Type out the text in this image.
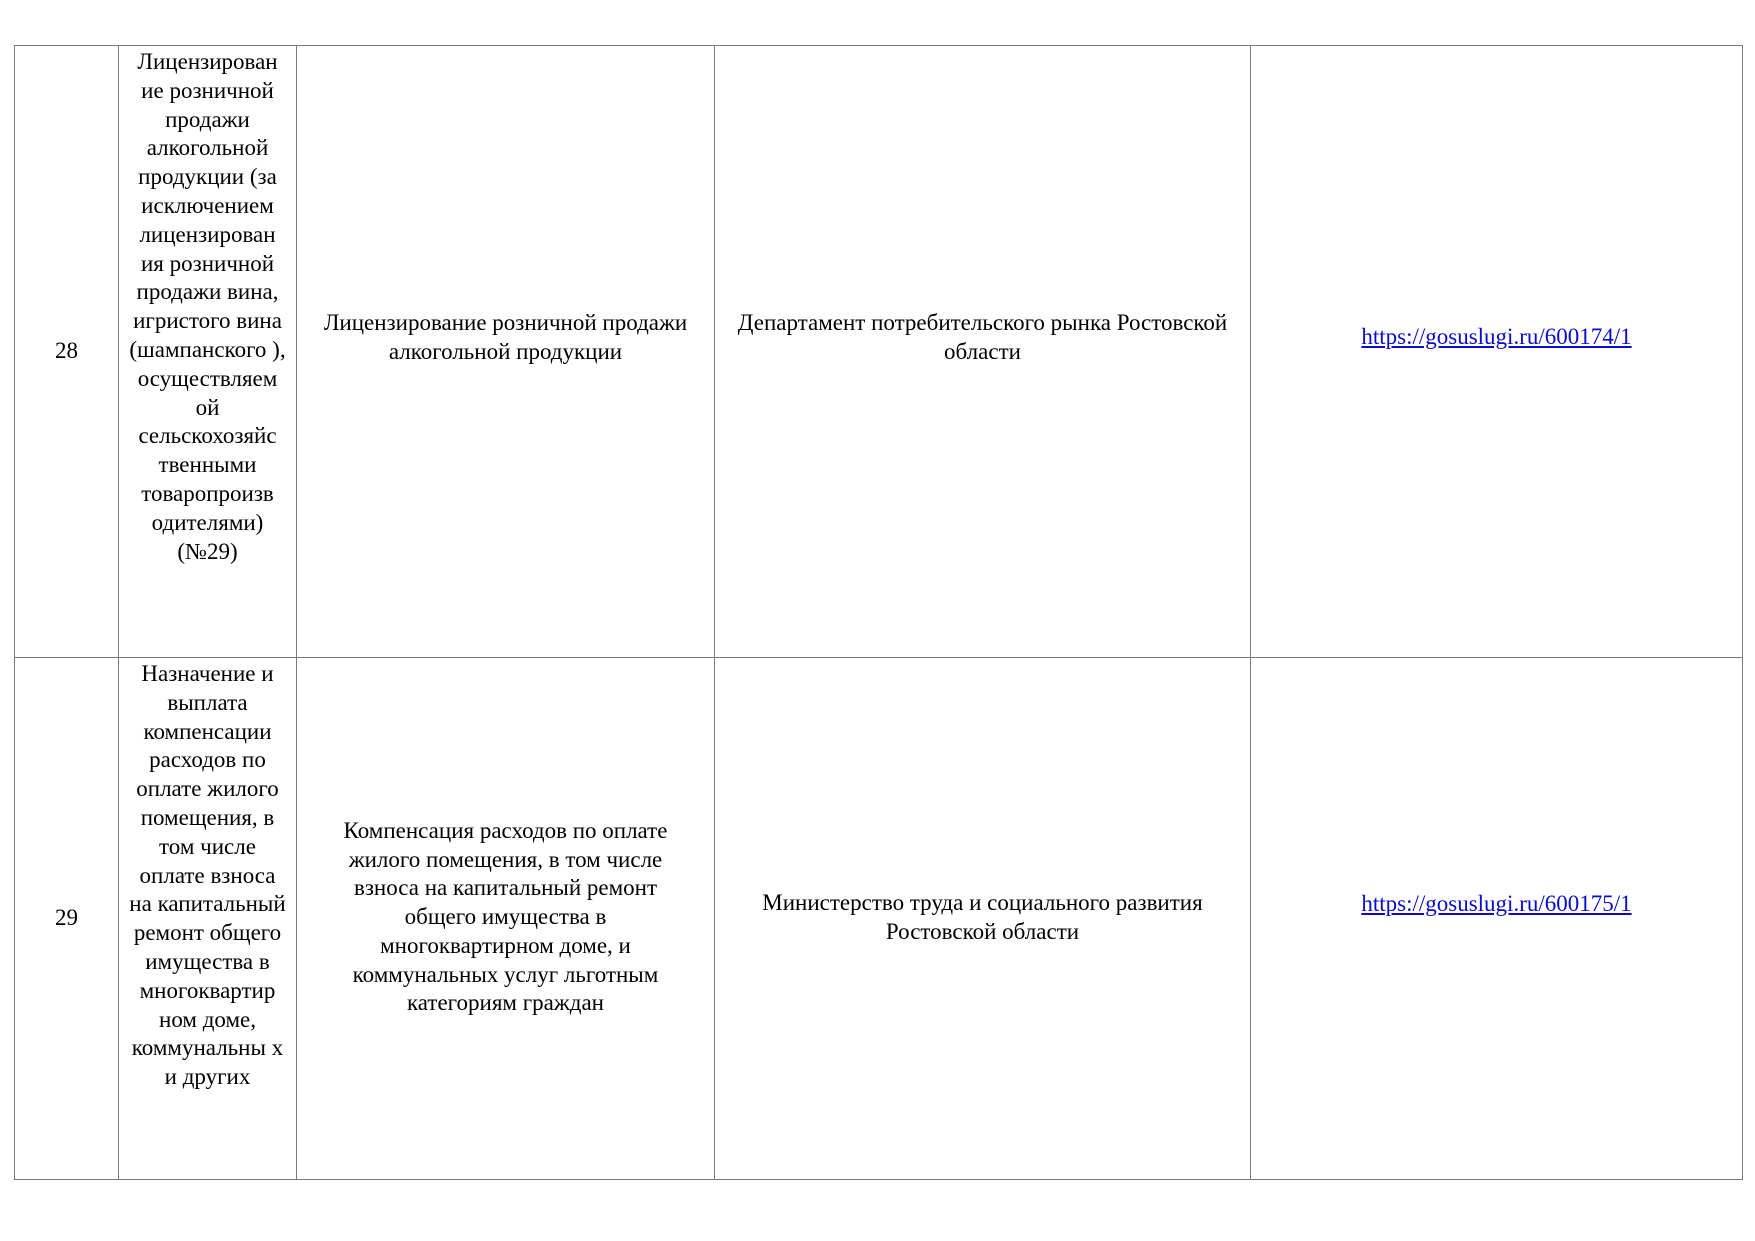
28	Лицензирован ие розничной продажи алкогольной продукции (за исключением лицензирован ия розничной продажи вина, игристого вина (шампанского ), осуществляем ой сельскохозяйс твенными товаропроизв одителями) (№29)	Лицензирование розничной продажи алкогольной продукции	Департамент потребительского рынка Ростовской области	https://gosuslugi.ru/600174/1

29	Назначение и выплата компенсации расходов по оплате жилого помещения, в том числе оплате взноса на капитальный ремонт общего имущества в многоквартир ном доме, коммунальны х и других	Компенсация расходов по оплате жилого помещения, в том числе взноса на капитальный ремонт общего имущества в многоквартирном доме, и коммунальных услуг льготным категориям граждан	Министерство труда и социального развития Ростовской области	https://gosuslugi.ru/600175/1
